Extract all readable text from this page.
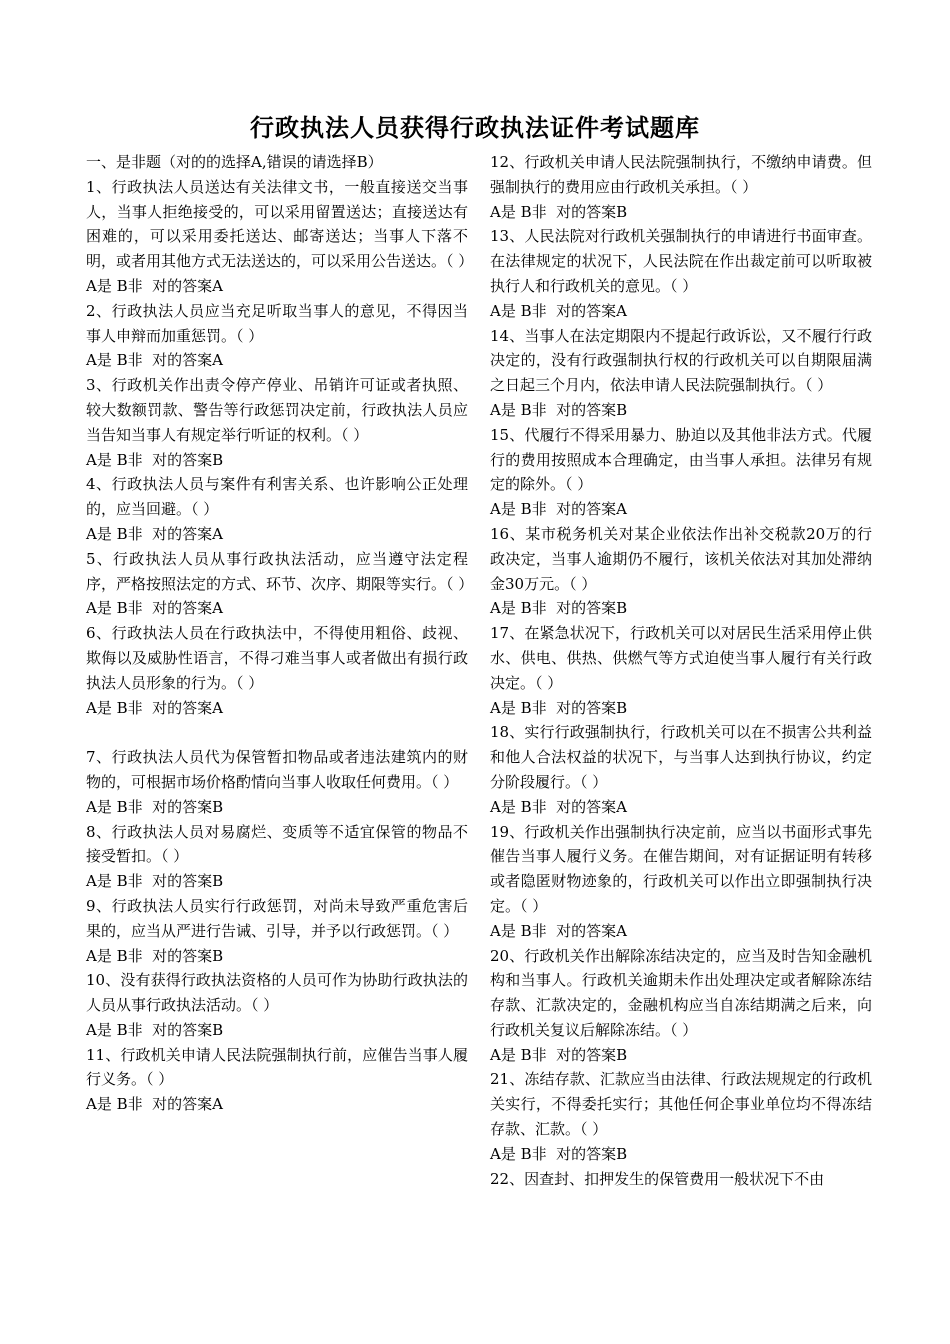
行政执法人员获得行政执法证件考试题库
一、是非题（对的的选择A,错误的请选择B）
1、行政执法人员送达有关法律文书，一般直接送交当事人，当事人拒绝接受的，可以采用留置送达；直接送达有困难的，可以采用委托送达、邮寄送达；当事人下落不明，或者用其他方式无法送达的，可以采用公告送达。（ ）
A是 B非  对的答案A
2、行政执法人员应当充足听取当事人的意见，不得因当事人申辩而加重惩罚。（ ）
A是 B非  对的答案A
3、行政机关作出责令停产停业、吊销许可证或者执照、较大数额罚款、警告等行政惩罚决定前，行政执法人员应当告知当事人有规定举行听证的权利。（ ）
A是 B非  对的答案B
4、行政执法人员与案件有利害关系、也许影响公正处理的，应当回避。（ ）
A是 B非  对的答案A
5、行政执法人员从事行政执法活动，应当遵守法定程序，严格按照法定的方式、环节、次序、期限等实行。（ ）
A是 B非  对的答案A
6、行政执法人员在行政执法中，不得使用粗俗、歧视、欺侮以及威胁性语言，不得刁难当事人或者做出有损行政执法人员形象的行为。（ ）
A是 B非  对的答案A
7、行政执法人员代为保管暂扣物品或者违法建筑内的财物的，可根据市场价格酌情向当事人收取任何费用。（ ）
A是 B非  对的答案B
8、行政执法人员对易腐烂、变质等不适宜保管的物品不接受暂扣。（ ）
A是 B非  对的答案B
9、行政执法人员实行行政惩罚，对尚未导致严重危害后果的，应当从严进行告诫、引导，并予以行政惩罚。（ ）
A是 B非  对的答案B
10、没有获得行政执法资格的人员可作为协助行政执法的人员从事行政执法活动。（ ）
A是 B非  对的答案B
11、行政机关申请人民法院强制执行前，应催告当事人履行义务。（ ）
A是 B非  对的答案A
12、行政机关申请人民法院强制执行，不缴纳申请费。但强制执行的费用应由行政机关承担。（ ）
A是 B非  对的答案B
13、人民法院对行政机关强制执行的申请进行书面审查。在法律规定的状况下，人民法院在作出裁定前可以听取被执行人和行政机关的意见。（ ）
A是 B非  对的答案A
14、当事人在法定期限内不提起行政诉讼，又不履行行政决定的，没有行政强制执行权的行政机关可以自期限届满之日起三个月内，依法申请人民法院强制执行。（ ）
A是 B非  对的答案B
15、代履行不得采用暴力、胁迫以及其他非法方式。代履行的费用按照成本合理确定，由当事人承担。法律另有规定的除外。（ ）
A是 B非  对的答案A
16、某市税务机关对某企业依法作出补交税款20万的行政决定，当事人逾期仍不履行，该机关依法对其加处滞纳金30万元。（ ）
A是 B非  对的答案B
17、在紧急状况下，行政机关可以对居民生活采用停止供水、供电、供热、供燃气等方式迫使当事人履行有关行政决定。（ ）
A是 B非  对的答案B
18、实行行政强制执行，行政机关可以在不损害公共利益和他人合法权益的状况下，与当事人达到执行协议，约定分阶段履行。（ ）
A是 B非  对的答案A
19、行政机关作出强制执行决定前，应当以书面形式事先催告当事人履行义务。在催告期间，对有证据证明有转移或者隐匿财物迹象的，行政机关可以作出立即强制执行决定。（ ）
A是 B非  对的答案A
20、行政机关作出解除冻结决定的，应当及时告知金融机构和当事人。行政机关逾期未作出处理决定或者解除冻结存款、汇款决定的，金融机构应当自冻结期满之后来，向行政机关复议后解除冻结。（ ）
A是 B非  对的答案B
21、冻结存款、汇款应当由法律、行政法规规定的行政机关实行，不得委托实行；其他任何企事业单位均不得冻结存款、汇款。（ ）
A是 B非  对的答案B
22、因查封、扣押发生的保管费用一般状况下不由
